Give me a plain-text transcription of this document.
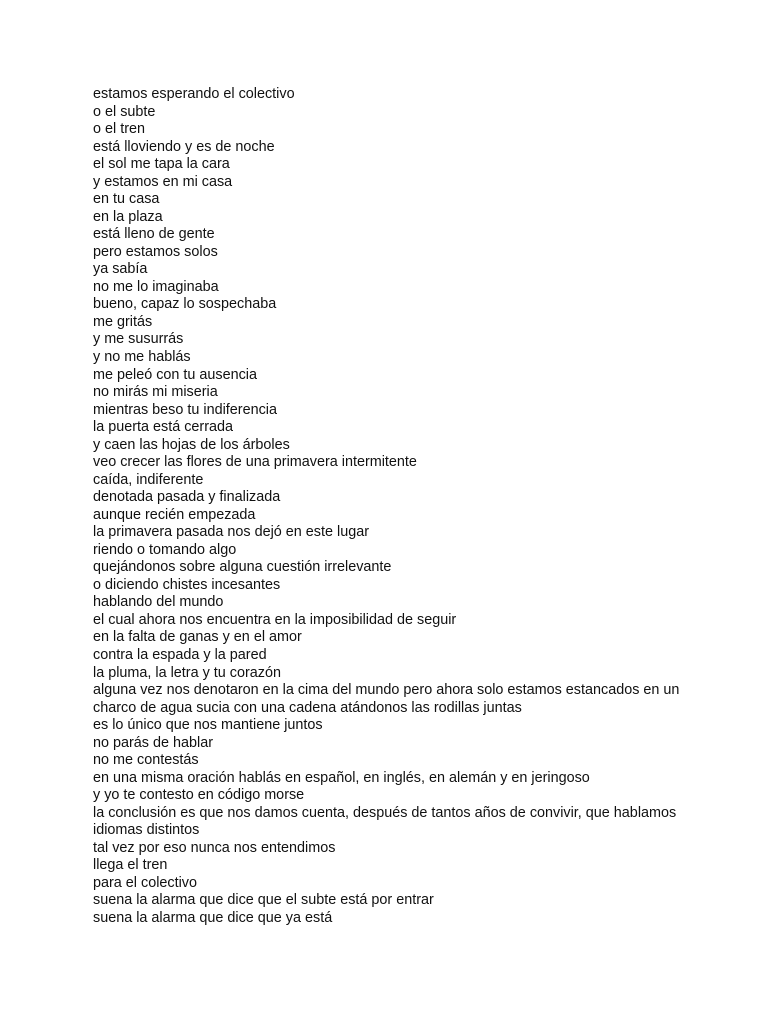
estamos esperando el colectivo
o el subte
o el tren
está lloviendo y es de noche
el sol me tapa la cara
y estamos en mi casa
en tu casa
en la plaza
está lleno de gente
pero estamos solos
ya sabía
no me lo imaginaba
bueno, capaz lo sospechaba
me gritás
y me susurrás
y no me hablás
me peleó con tu ausencia
no mirás mi miseria
mientras beso tu indiferencia
la puerta está cerrada
y caen las hojas de los árboles
veo crecer las flores de una primavera intermitente
caída, indiferente
denotada pasada y finalizada
aunque recién empezada
la primavera pasada nos dejó en este lugar
riendo o tomando algo
quejándonos sobre alguna cuestión irrelevante
o diciendo chistes incesantes
hablando del mundo
el cual ahora nos encuentra en la imposibilidad de seguir
en la falta de ganas y en el amor
contra la espada y la pared
la pluma, la letra y tu corazón
alguna vez nos denotaron en la cima del mundo pero ahora solo estamos estancados en un
charco de agua sucia con una cadena atándonos las rodillas juntas
es lo único que nos mantiene juntos
no parás de hablar
no me contestás
en una misma oración hablás en español, en inglés, en alemán y en jeringoso
y yo te contesto en código morse
la conclusión es que nos damos cuenta, después de tantos años de convivir, que hablamos
idiomas distintos
tal vez por eso nunca nos entendimos
llega el tren
para el colectivo
suena la alarma que dice que el subte está por entrar
suena la alarma que dice que ya está
